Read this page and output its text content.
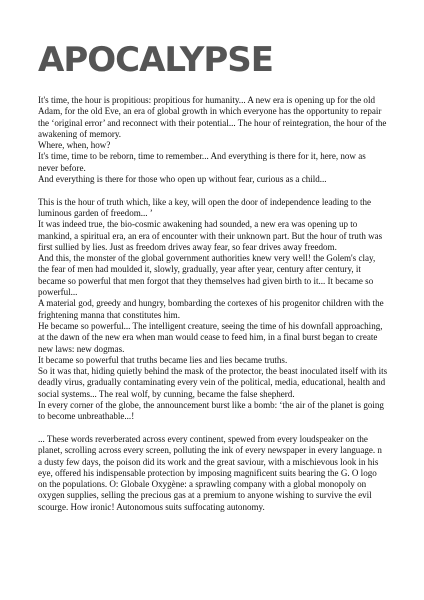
APOCALYPSE

It's time, the hour is propitious: propitious for humanity... A new era is opening up for the old Adam, for the old Eve, an era of global growth in which everyone has the opportunity to repair the ‘original error’ and reconnect with their potential... The hour of reintegration, the hour of the awakening of memory.

Where, when, how?

It's time, time to be reborn, time to remember... And everything is there for it, here, now as never before.

And everything is there for those who open up without fear, curious as a child...

This is the hour of truth which, like a key, will open the door of independence leading to the luminous garden of freedom... ’

It was indeed true, the bio-cosmic awakening had sounded, a new era was opening up to mankind, a spiritual era, an era of encounter with their unknown part. But the hour of truth was first sullied by lies. Just as freedom drives away fear, so fear drives away freedom.

And this, the monster of the global government authorities knew very well! the Golem's clay, the fear of men had moulded it, slowly, gradually, year after year, century after century, it became so powerful that men forgot that they themselves had given birth to it... It became so powerful...

A material god, greedy and hungry, bombarding the cortexes of his progenitor children with the frightening manna that constitutes him.

He became so powerful... The intelligent creature, seeing the time of his downfall approaching, at the dawn of the new era when man would cease to feed him, in a final burst began to create new laws: new dogmas.

It became so powerful that truths became lies and lies became truths.

So it was that, hiding quietly behind the mask of the protector, the beast inoculated itself with its deadly virus, gradually contaminating every vein of the political, media, educational, health and social systems... The real wolf, by cunning, became the false shepherd.

In every corner of the globe, the announcement burst like a bomb: ‘the air of the planet is going to become unbreathable...!

... These words reverberated across every continent, spewed from every loudspeaker on the planet, scrolling across every screen, polluting the ink of every newspaper in every language. n a dusty few days, the poison did its work and the great saviour, with a mischievous look in his eye, offered his indispensable protection by imposing magnificent suits bearing the G. O logo on the populations. O: Globale Oxygène: a sprawling company with a global monopoly on oxygen supplies, selling the precious gas at a premium to anyone wishing to survive the evil scourge. How ironic! Autonomous suits suffocating autonomy.
